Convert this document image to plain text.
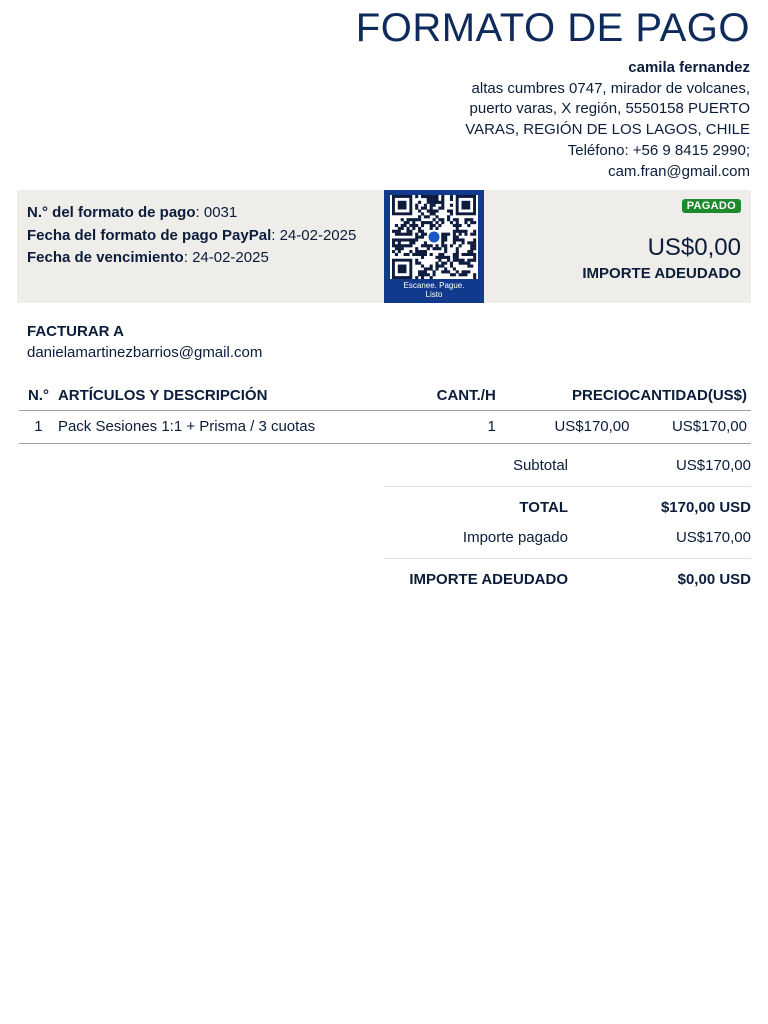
FORMATO DE PAGO
camila fernandez
altas cumbres 0747, mirador de volcanes,
puerto varas, X región, 5550158 PUERTO
VARAS, REGIÓN DE LOS LAGOS, CHILE
Teléfono: +56 9 8415 2990;
cam.fran@gmail.com
N.° del formato de pago: 0031
Fecha del formato de pago PayPal: 24-02-2025
Fecha de vencimiento: 24-02-2025
Escanee. Pague.
Listo
PAGADO
US$0,00
IMPORTE ADEUDADO
FACTURAR A
danielamartinezbarrios@gmail.com
N.°	ARTÍCULOS Y DESCRIPCIÓN	CANT./H	PRECIO	CANTIDAD(US$)
1	Pack Sesiones 1:1 + Prisma / 3 cuotas	1	US$170,00	US$170,00
Subtotal	US$170,00
TOTAL	$170,00 USD
Importe pagado	US$170,00
IMPORTE ADEUDADO	$0,00 USD
